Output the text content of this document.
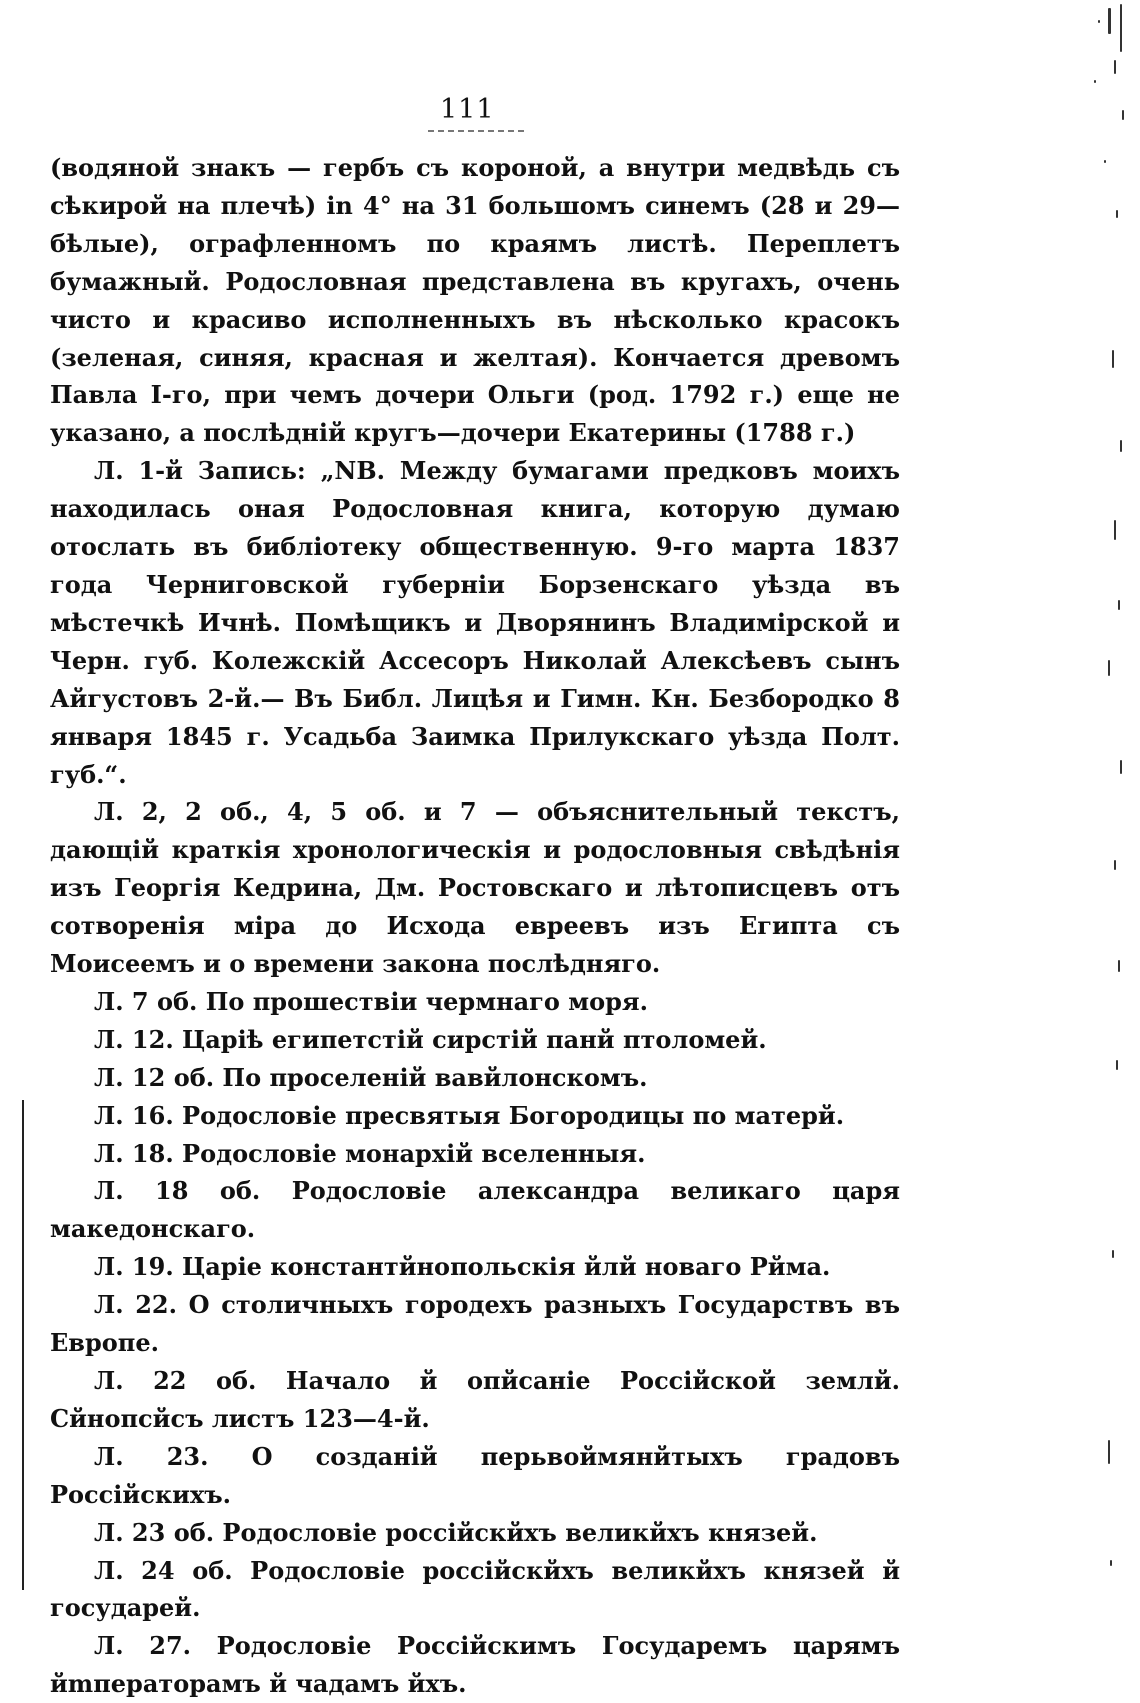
111

(водяной знакъ — гербъ съ короной, а внутри медвѣдь съ сѣкирой на плечѣ) in 4° на 31 большомъ синемъ (28 и 29—бѣлые), ографленномъ по краямъ листѣ. Переплетъ бумажный. Родословная представлена въ кругахъ, очень чисто и красиво исполненныхъ въ нѣсколько красокъ (зеленая, синяя, красная и желтая). Кончается древомъ Павла I-го, при чемъ дочери Ольги (род. 1792 г.) еще не указано, а послѣднiй кругъ—дочери Екатерины (1788 г.)

Л. 1-й Запись: „NB. Между бумагами предковъ моихъ находилась оная Родословная книга, которую думаю отослать въ библiотеку общественную. 9-го марта 1837 года Черниговской губернiи Борзенскаго уѣзда въ мѣстечкѣ Ичнѣ. Помѣщикъ и Дворянинъ Владимiрской и Черн. губ. Колежскiй Ассесоръ Николай Алексѣевъ сынъ Айгустовъ 2-й.— Въ Библ. Лицѣя и Гимн. Кн. Безбородко 8 января 1845 г. Усадьба Заимка Прилукскаго уѣзда Полт. губ.“.

Л. 2, 2 об., 4, 5 об. и 7 — объяснительный текстъ, дающiй краткiя хронологическiя и родословныя свѣдѣнiя изъ Георгiя Кедрина, Дм. Ростовскаго и лѣтописцевъ отъ сотворенiя мiра до Исхода евреевъ изъ Египта съ Моисеемъ и о времени закона послѣдняго.

Л. 7 об. По прошествiи чермнаго моря.

Л. 12. Царiѣ египетстiй сирстiй панй птоломей.

Л. 12 об. По проселенiй вавйлонскомъ.

Л. 16. Родословiе пресвятыя Богородицы по матерй.

Л. 18. Родословiе монархiй вселенныя.

Л. 18 об. Родословiе александра великаго царя македонскаго.

Л. 19. Царiе константйнопольскiя йлй новаго Рйма.

Л. 22. О столичныхъ городехъ разныхъ Государствъ въ Европе.

Л. 22 об. Начало й опйсанiе Россiйской землй. Сйнопсйсъ листъ 123—4-й.

Л. 23. О созданiй перьвоймянйтыхъ градовъ Россiйскихъ.

Л. 23 об. Родословiе россiйскйхъ великйхъ князей.

Л. 24 об. Родословiе россiйскйхъ великйхъ князей й государей.

Л. 27. Родословiе Россiйскимъ Государемъ царямъ йmператорамъ й чадамъ йхъ.
